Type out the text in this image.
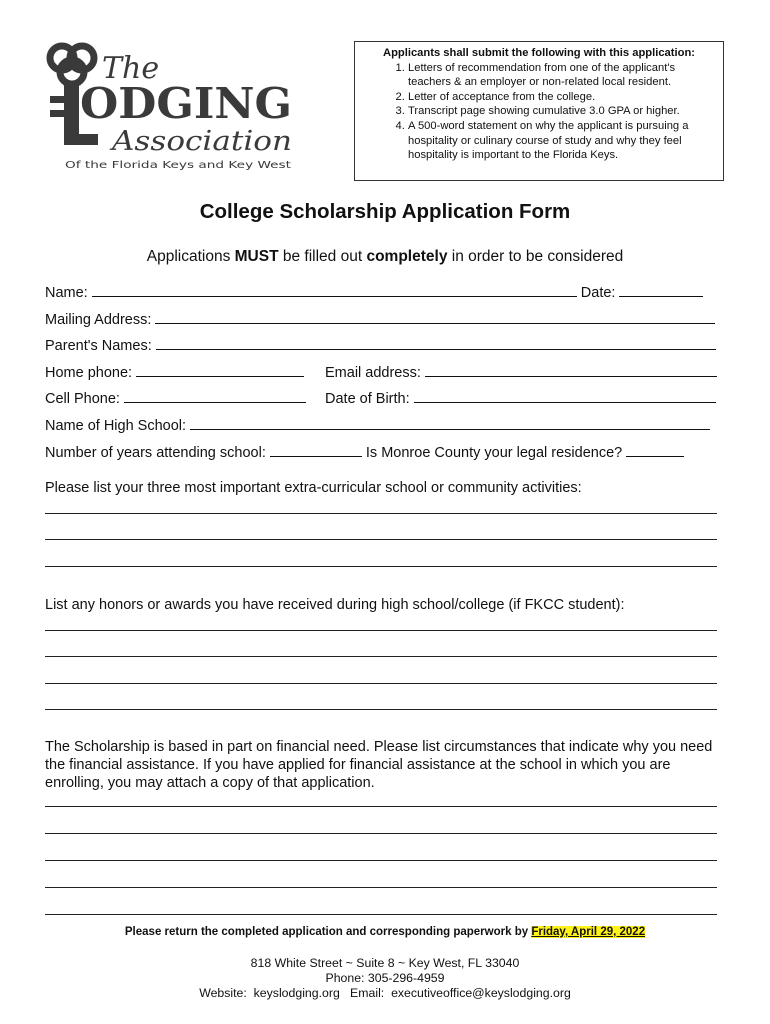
The
ODGING
Association
Of the Florida Keys and Key West
Applicants shall submit the following with this application:
1. Letters of recommendation from one of the applicant's teachers & an employer or non-related local resident.
2. Letter of acceptance from the college.
3. Transcript page showing cumulative 3.0 GPA or higher.
4. A 500-word statement on why the applicant is pursuing a hospitality or culinary course of study and why they feel hospitality is important to the Florida Keys.
College Scholarship Application Form
Applications MUST be filled out completely in order to be considered
Name:	Date:
Mailing Address:
Parent's Names:
Home phone:	Email address:
Cell Phone:	Date of Birth:
Name of High School:
Number of years attending school:	Is Monroe County your legal residence?
Please list your three most important extra-curricular school or community activities:
List any honors or awards you have received during high school/college (if FKCC student):
The Scholarship is based in part on financial need. Please list circumstances that indicate why you need the financial assistance. If you have applied for financial assistance at the school in which you are enrolling, you may attach a copy of that application.
Please return the completed application and corresponding paperwork by Friday, April 29, 2022
818 White Street ~ Suite 8 ~ Key West, FL 33040
Phone: 305-296-4959
Website: keyslodging.org Email: executiveoffice@keyslodging.org
